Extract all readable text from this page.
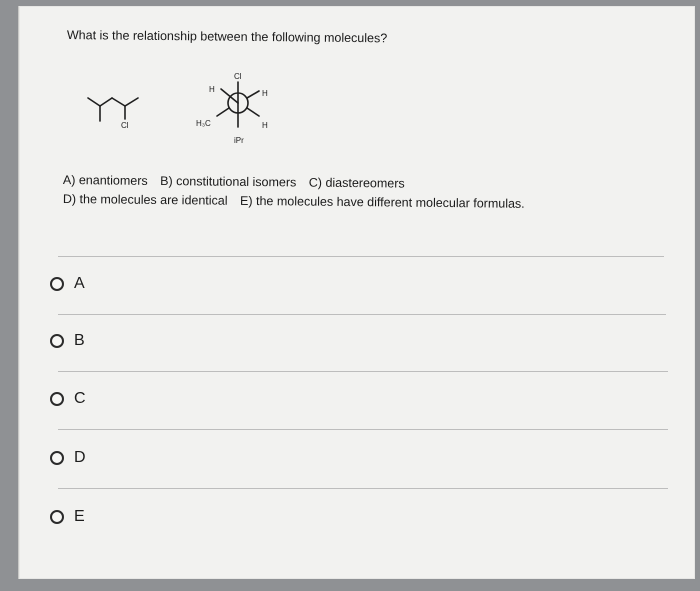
What is the relationship between the following molecules?
Cl
Cl
H	H
H₃C	H
iPr
A) enantiomers B) constitutional isomers C) diastereomers
D) the molecules are identical E) the molecules have different molecular formulas.
A
B
C
D
E
